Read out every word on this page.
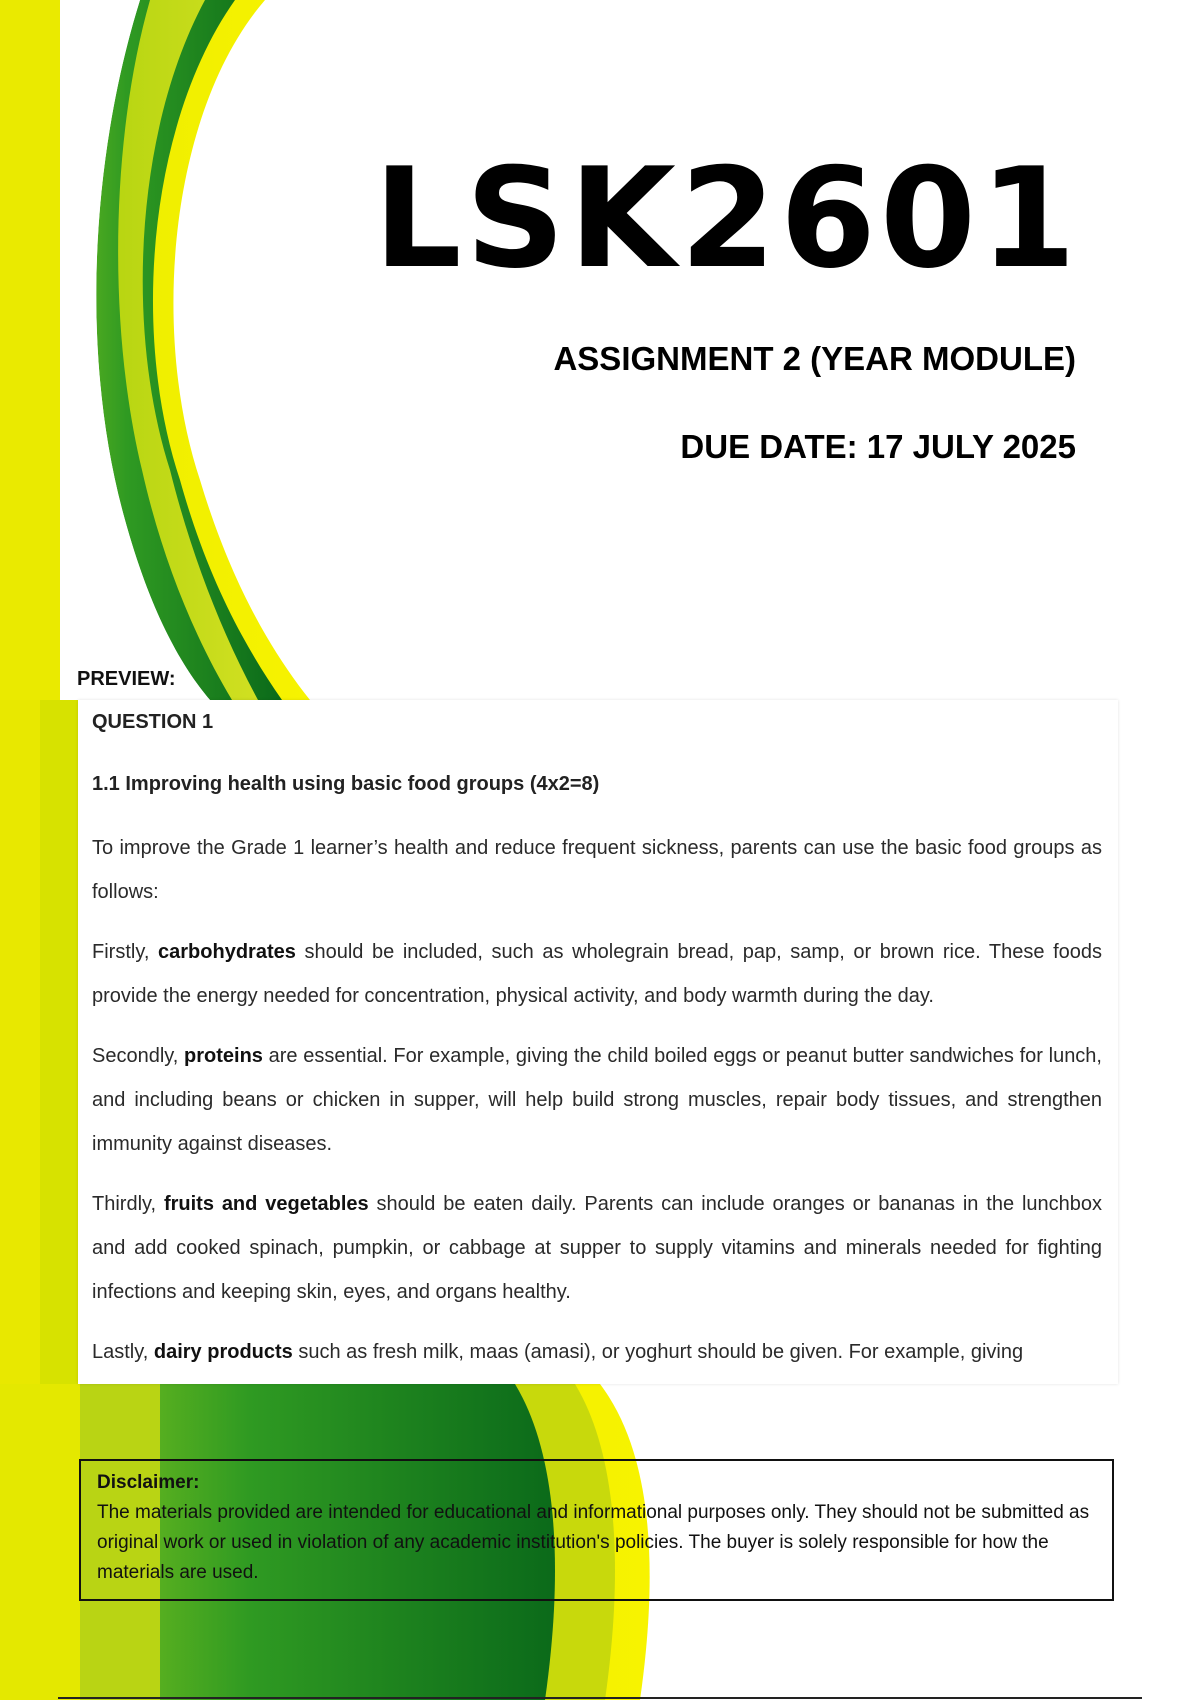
LSK2601
ASSIGNMENT 2 (YEAR MODULE)
DUE DATE: 17 JULY 2025
PREVIEW:

QUESTION 1

1.1 Improving health using basic food groups (4x2=8)

To improve the Grade 1 learner’s health and reduce frequent sickness, parents can use the basic food groups as follows:

Firstly, carbohydrates should be included, such as wholegrain bread, pap, samp, or brown rice. These foods provide the energy needed for concentration, physical activity, and body warmth during the day.

Secondly, proteins are essential. For example, giving the child boiled eggs or peanut butter sandwiches for lunch, and including beans or chicken in supper, will help build strong muscles, repair body tissues, and strengthen immunity against diseases.

Thirdly, fruits and vegetables should be eaten daily. Parents can include oranges or bananas in the lunchbox and add cooked spinach, pumpkin, or cabbage at supper to supply vitamins and minerals needed for fighting infections and keeping skin, eyes, and organs healthy.

Lastly, dairy products such as fresh milk, maas (amasi), or yoghurt should be given. For example, giving

Disclaimer:
The materials provided are intended for educational and informational purposes only. They should not be submitted as original work or used in violation of any academic institution's policies. The buyer is solely responsible for how the materials are used.
